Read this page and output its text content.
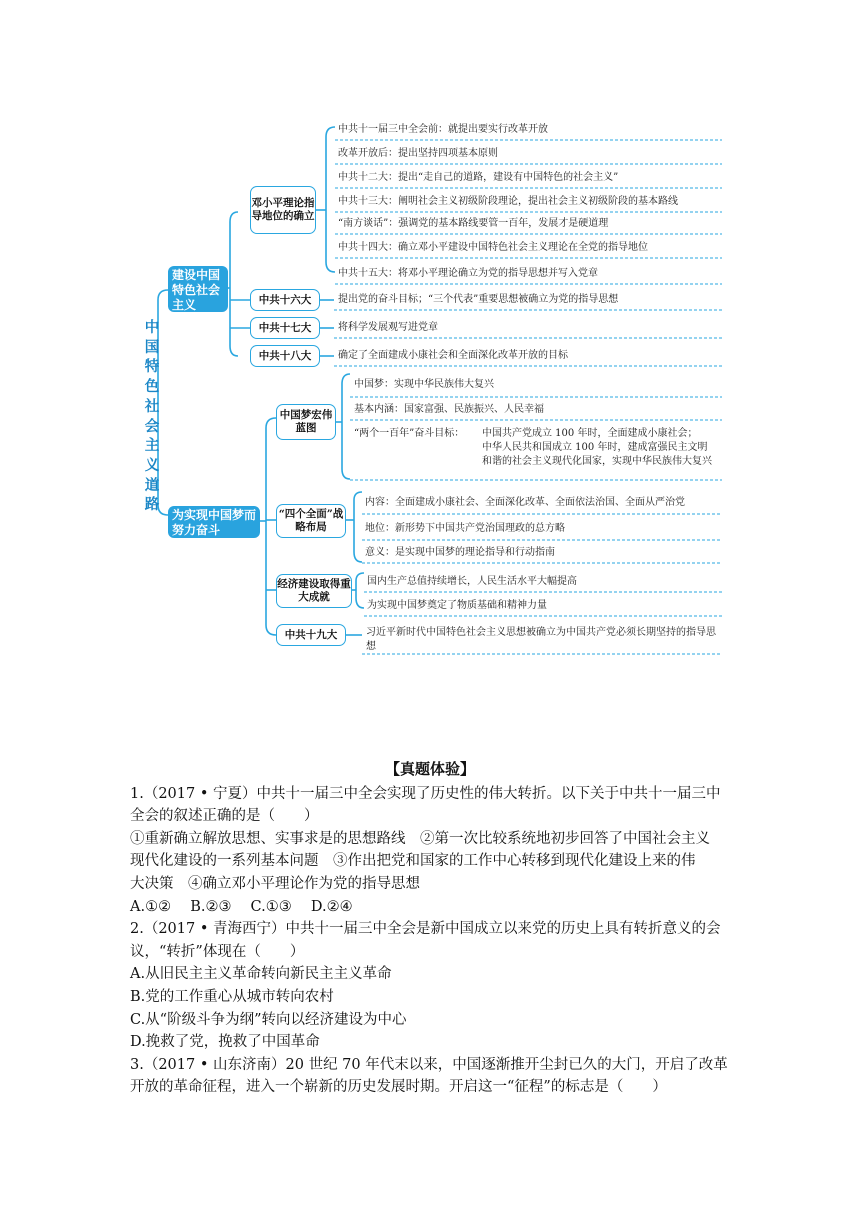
中国特色社会主义道路
建设中国特色社会主义
为实现中国梦而努力奋斗
邓小平理论指导地位的确立
中共十六大
中共十七大
中共十八大
中国梦宏伟蓝图
“四个全面”战略布局
经济建设取得重大成就
中共十九大
中共十一届三中全会前：就提出要实行改革开放
改革开放后：提出坚持四项基本原则
中共十二大：提出“走自己的道路，建设有中国特色的社会主义”
中共十三大：阐明社会主义初级阶段理论，提出社会主义初级阶段的基本路线
“南方谈话”：强调党的基本路线要管一百年，发展才是硬道理
中共十四大：确立邓小平建设中国特色社会主义理论在全党的指导地位
中共十五大：将邓小平理论确立为党的指导思想并写入党章
提出党的奋斗目标；“三个代表”重要思想被确立为党的指导思想
将科学发展观写进党章
确定了全面建成小康社会和全面深化改革开放的目标
中国梦：实现中华民族伟大复兴
基本内涵：国家富强、民族振兴、人民幸福
“两个一百年”奋斗目标： 中国共产党成立 100 年时，全面建成小康社会；
中华人民共和国成立 100 年时，建成富强民主文明和谐的社会主义现代化国家，实现中华民族伟大复兴
内容：全面建成小康社会、全面深化改革、全面依法治国、全面从严治党
地位：新形势下中国共产党治国理政的总方略
意义：是实现中国梦的理论指导和行动指南
国内生产总值持续增长，人民生活水平大幅提高
为实现中国梦奠定了物质基础和精神力量
习近平新时代中国特色社会主义思想被确立为中国共产党必须长期坚持的指导思想
【真题体验】

1.（2017 • 宁夏）中共十一届三中全会实现了历史性的伟大转折。以下关于中共十一届三中

全会的叙述正确的是（　　）

①重新确立解放思想、实事求是的思想路线　②第一次比较系统地初步回答了中国社会主义

现代化建设的一系列基本问题　③作出把党和国家的工作中心转移到现代化建设上来的伟

大决策　④确立邓小平理论作为党的指导思想

A.①②　 B.②③　 C.①③　 D.②④

2.（2017 • 青海西宁）中共十一届三中全会是新中国成立以来党的历史上具有转折意义的会

议，“转折”体现在（　　）

A.从旧民主主义革命转向新民主主义革命

B.党的工作重心从城市转向农村

C.从“阶级斗争为纲”转向以经济建设为中心

D.挽救了党，挽救了中国革命

3.（2017 • 山东济南）20 世纪 70 年代末以来，中国逐渐推开尘封已久的大门，开启了改革

开放的革命征程，进入一个崭新的历史发展时期。开启这一“征程”的标志是（　　）
